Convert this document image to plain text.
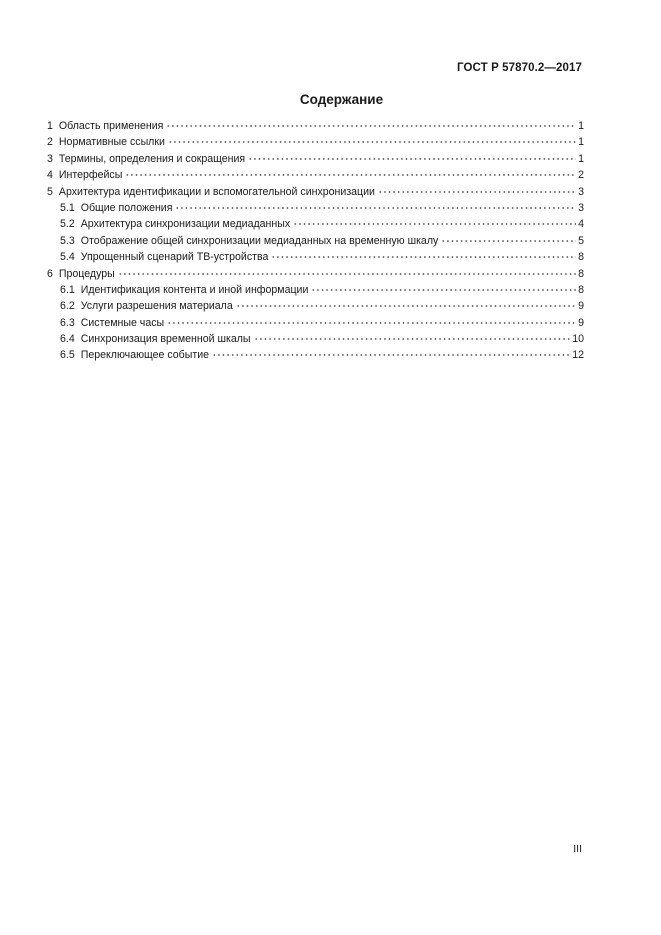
ГОСТ Р 57870.2—2017
Содержание
1 Область применения	1
2 Нормативные ссылки	1
3 Термины, определения и сокращения	1
4 Интерфейсы	2
5 Архитектура идентификации и вспомогательной синхронизации	3
5.1 Общие положения	3
5.2 Архитектура синхронизации медиаданных	4
5.3 Отображение общей синхронизации медиаданных на временную шкалу	5
5.4 Упрощенный сценарий ТВ-устройства	8
6 Процедуры	8
6.1 Идентификация контента и иной информации	8
6.2 Услуги разрешения материала	9
6.3 Системные часы	9
6.4 Синхронизация временной шкалы	10
6.5 Переключающее событие	12
III
